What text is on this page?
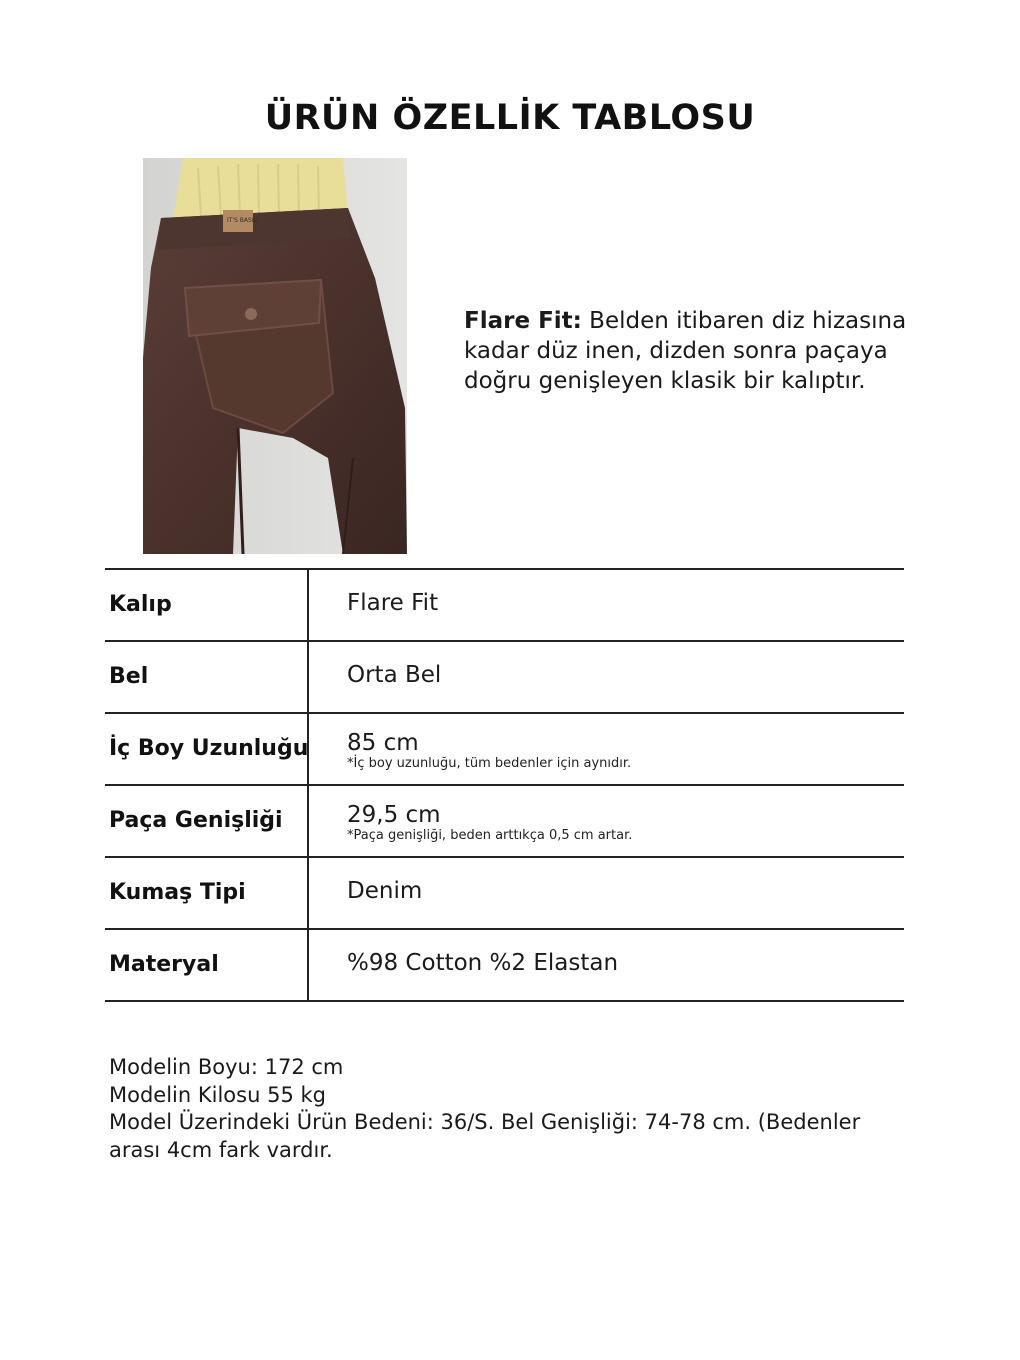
ÜRÜN ÖZELLİK TABLOSU
IT'S BASIC
Flare Fit: Belden itibaren diz hizasına kadar düz inen, dizden sonra paçaya doğru genişleyen klasik bir kalıptır.
Kalıp	Flare Fit
Bel	Orta Bel
İç Boy Uzunluğu 85 cm
*İç boy uzunluğu, tüm bedenler için aynıdır.
Paça Genişliği	29,5 cm
*Paça genişliği, beden arttıkça 0,5 cm artar.
Kumaş Tipi	Denim
Materyal	%98 Cotton %2 Elastan
Modelin Boyu: 172 cm
Modelin Kilosu 55 kg
Model Üzerindeki Ürün Bedeni: 36/S. Bel Genişliği: 74-78 cm. (Bedenler arası 4cm fark vardır.
